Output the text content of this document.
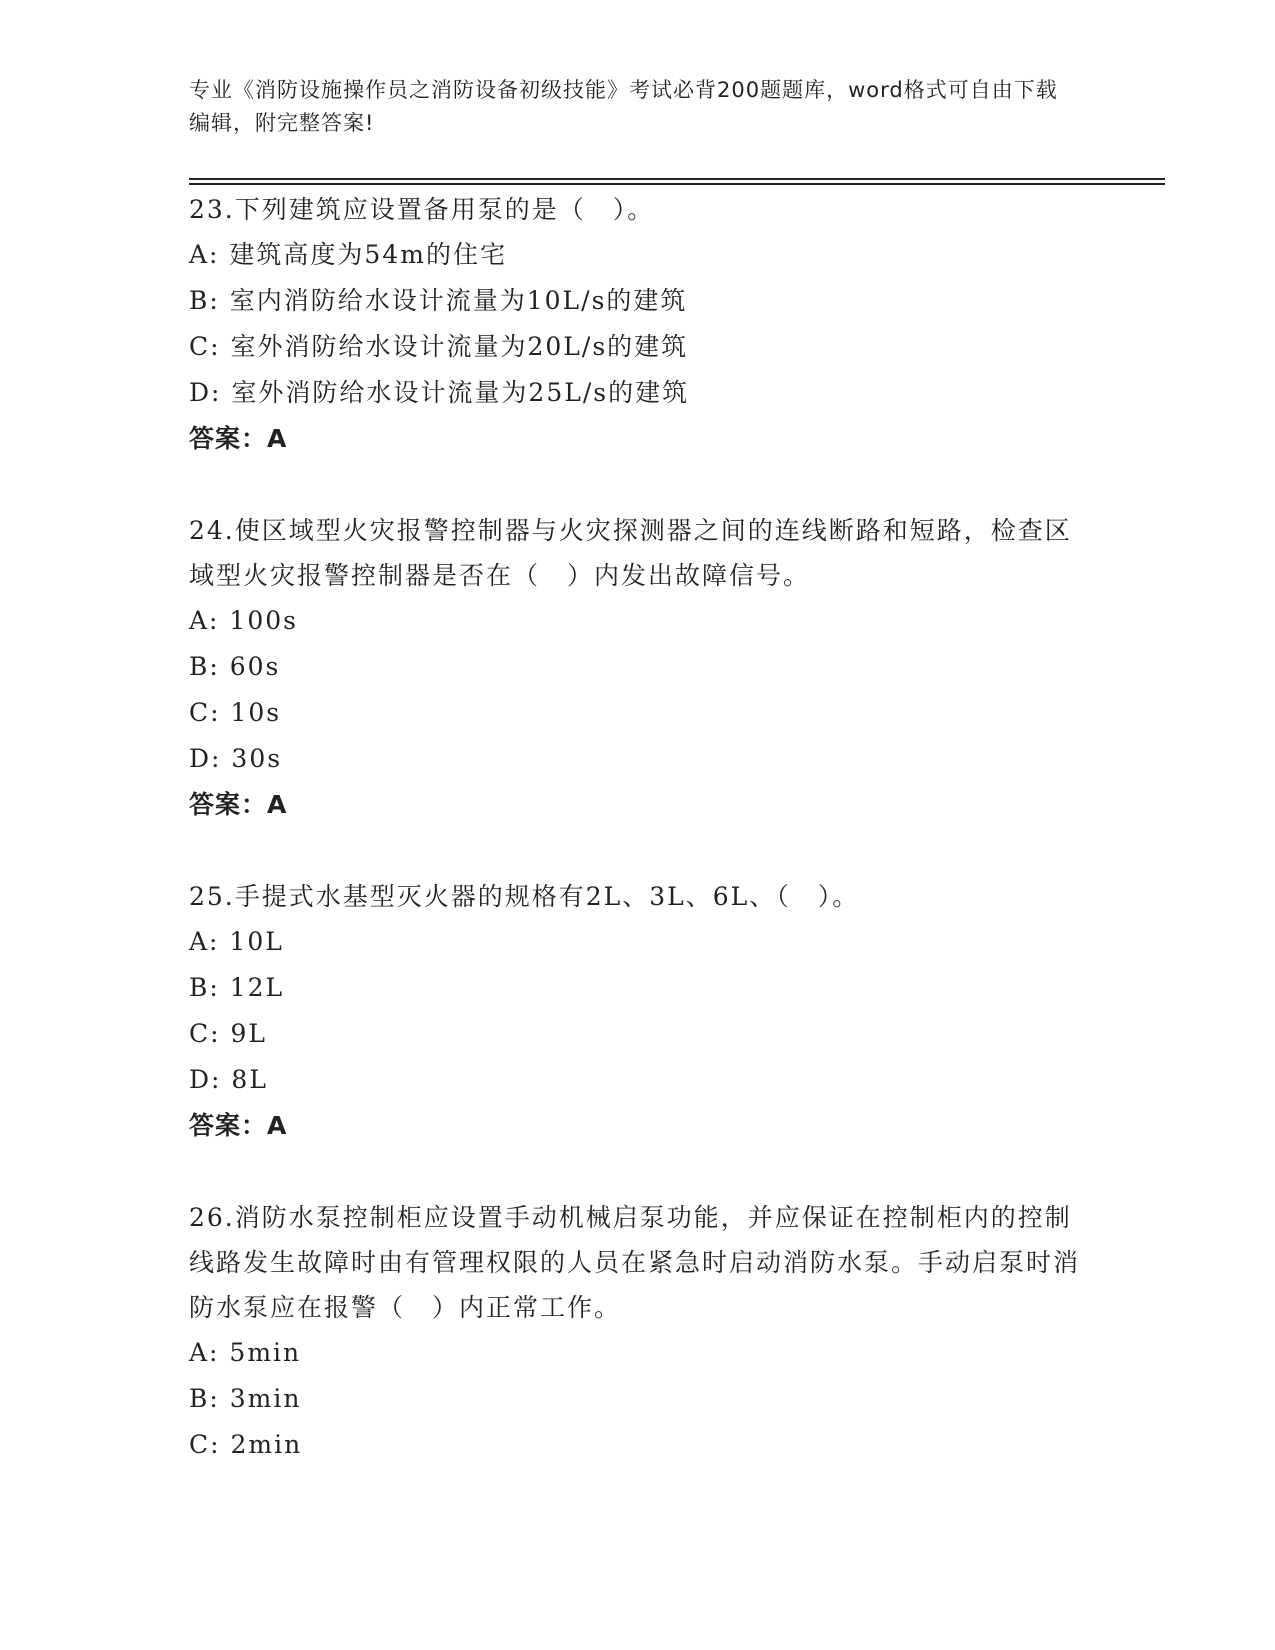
专业《消防设施操作员之消防设备初级技能》考试必背200题题库，word格式可自由下载编辑，附完整答案!

23.下列建筑应设置备用泵的是（　）。

A: 建筑高度为54m的住宅

B: 室内消防给水设计流量为10L/s的建筑

C: 室外消防给水设计流量为20L/s的建筑

D: 室外消防给水设计流量为25L/s的建筑

答案：A

24.使区域型火灾报警控制器与火灾探测器之间的连线断路和短路，检查区域型火灾报警控制器是否在（　）内发出故障信号。

A: 100s

B: 60s

C: 10s

D: 30s

答案：A

25.手提式水基型灭火器的规格有2L、3L、6L、（　）。

A: 10L

B: 12L

C: 9L

D: 8L

答案：A

26.消防水泵控制柜应设置手动机械启泵功能，并应保证在控制柜内的控制线路发生故障时由有管理权限的人员在紧急时启动消防水泵。手动启泵时消防水泵应在报警（　）内正常工作。

A: 5min

B: 3min

C: 2min
